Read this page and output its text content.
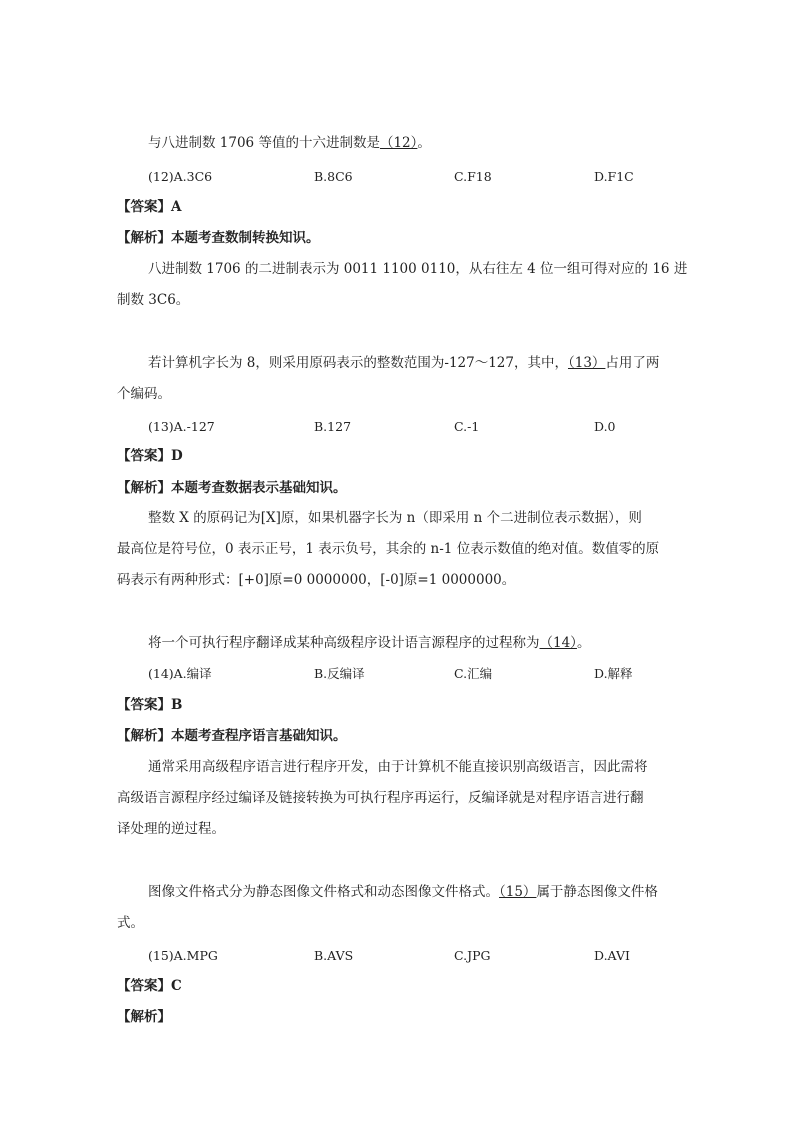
与八进制数 1706 等值的十六进制数是（12）。
(12)A.3C6	B.8C6	C.F18	D.F1C
【答案】A
【解析】本题考查数制转换知识。
八进制数 1706 的二进制表示为 0011 1100 0110，从右往左 4 位一组可得对应的 16 进
制数 3C6。
若计算机字长为 8，则采用原码表示的整数范围为-127～127，其中，（13）占用了两
个编码。
(13)A.-127	B.127	C.-1	D.0
【答案】D
【解析】本题考查数据表示基础知识。
整数 X 的原码记为[X]原，如果机器字长为 n（即采用 n 个二进制位表示数据），则
最高位是符号位，0 表示正号，1 表示负号，其余的 n-1 位表示数值的绝对值。数值零的原
码表示有两种形式：[+0]原=0 0000000，[-0]原=1 0000000。
将一个可执行程序翻译成某种高级程序设计语言源程序的过程称为（14）。
(14)A.编译	B.反编译	C.汇编	D.解释
【答案】B
【解析】本题考查程序语言基础知识。
通常采用高级程序语言进行程序开发，由于计算机不能直接识别高级语言，因此需将
高级语言源程序经过编译及链接转换为可执行程序再运行，反编译就是对程序语言进行翻
译处理的逆过程。
图像文件格式分为静态图像文件格式和动态图像文件格式。（15）属于静态图像文件格
式。
(15)A.MPG	B.AVS	C.JPG	D.AVI
【答案】C
【解析】
